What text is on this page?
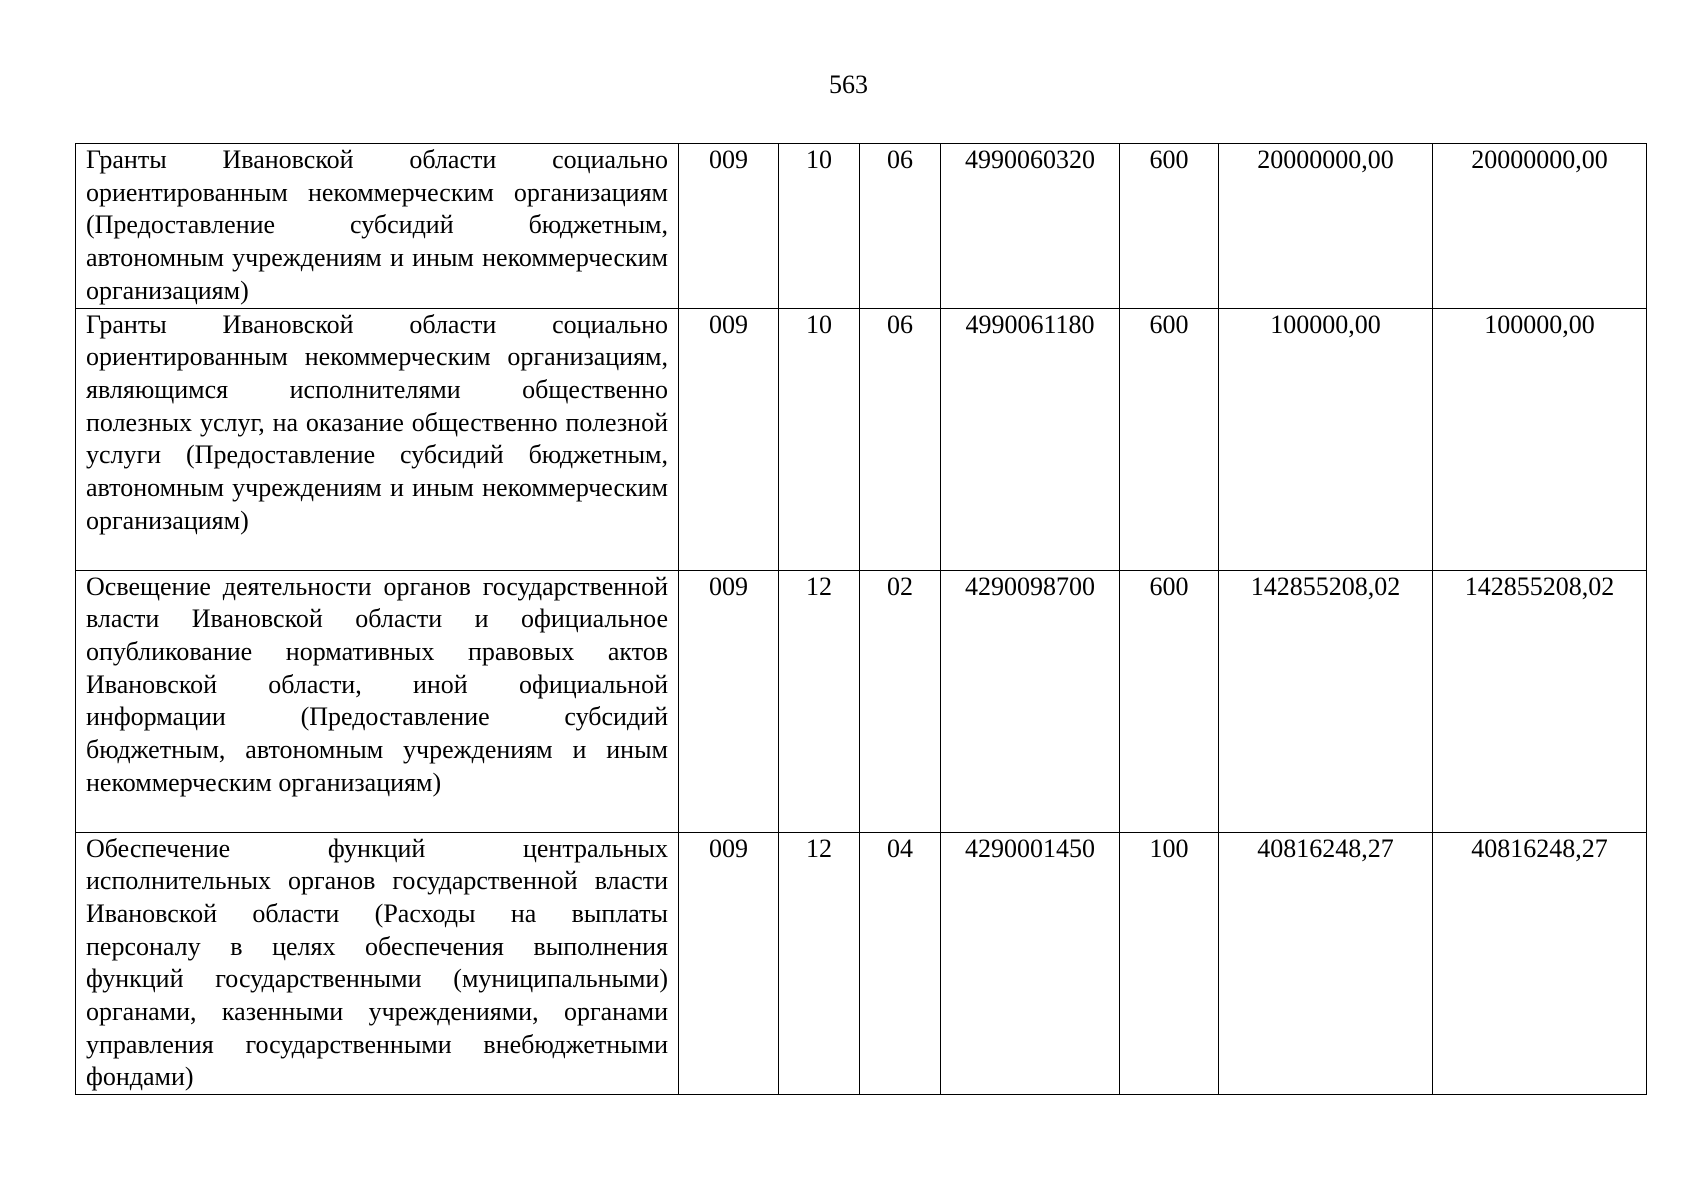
563
Гранты Ивановской области социально ориентированным некоммерческим организациям (Предоставление субсидий бюджетным, автономным учреждениям и иным некоммерческим организациям)	009	10	06	4990060320	600	20000000,00	20000000,00
Гранты Ивановской области социально ориентированным некоммерческим организациям, являющимся исполнителями общественно полезных услуг, на оказание общественно полезной услуги (Предоставление субсидий бюджетным, автономным учреждениям и иным некоммерческим организациям)	009	10	06	4990061180	600	100000,00	100000,00
Освещение деятельности органов государственной власти Ивановской области и официальное опубликование нормативных правовых актов Ивановской области, иной официальной информации (Предоставление субсидий бюджетным, автономным учреждениям и иным некоммерческим организациям)	009	12	02	4290098700	600	142855208,02	142855208,02
Обеспечение функций центральных исполнительных органов государственной власти Ивановской области (Расходы на выплаты персоналу в целях обеспечения выполнения функций государственными (муниципальными) органами, казенными учреждениями, органами управления государственными внебюджетными фондами)	009	12	04	4290001450	100	40816248,27	40816248,27
